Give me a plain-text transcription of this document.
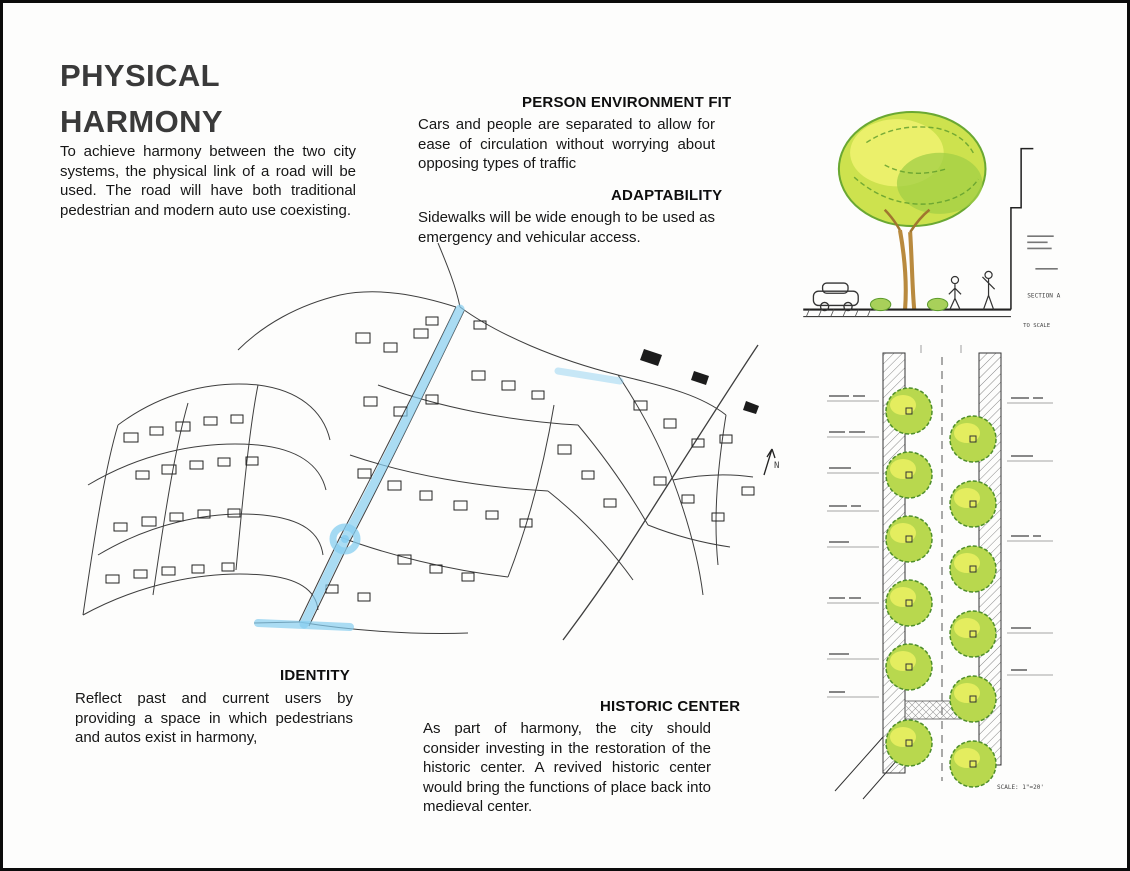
PHYSICAL
HARMONY
To achieve harmony between the two city systems, the physical link of a road will be used. The road will have both traditional pedestrian and modern auto use coexisting.
PERSON ENVIRONMENT FIT
Cars and people are separated to allow for ease of circulation without worrying about opposing types of traffic
ADAPTABILITY
Sidewalks will be wide enough to be used as emergency and vehicular access.
IDENTITY
Reflect past and current users by providing a space in which pedestrians and autos exist in harmony,
HISTORIC CENTER
As part of harmony, the city should consider investing in the restoration of the historic center. A revived historic center would bring the functions of place back into medieval center.
N
SECTION A
TO SCALE
SCALE: 1"=20'
